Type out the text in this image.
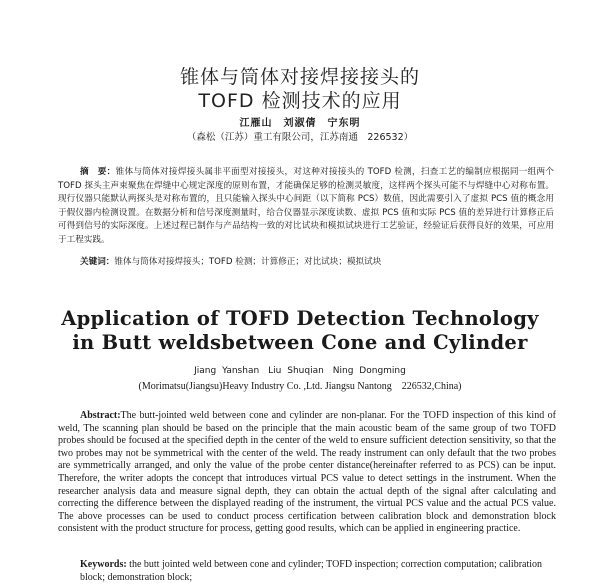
锥体与筒体对接焊接接头的
TOFD 检测技术的应用
江雁山　刘淑倩　宁东明
（森松（江苏）重工有限公司，江苏南通　226532）
摘　要：锥体与筒体对接焊接头属非平面型对接接头，对这种对接接头的 TOFD 检测，扫查工艺的编制应根据同一组两个 TOFD 探头主声束聚焦在焊缝中心规定深度的原则布置，才能确保足够的检测灵敏度，这样两个探头可能不与焊缝中心对称布置。现行仪器只能默认两探头是对称布置的，且只能输入探头中心间距（以下简称 PCS）数值，因此需要引入了虚拟 PCS 值的概念用于假仪器内检测设置。在数据分析和信号深度测量时，给合仪器显示深度读数、虚拟 PCS 值和实际 PCS 值的差异进行计算修正后可得到信号的实际深度。上述过程已制作与产品结构一致的对比试块和模拟试块进行工艺验证，经验证后获得良好的效果，可应用于工程实践。
关键词：锥体与筒体对接焊接头；TOFD 检测；计算修正；对比试块；模拟试块
Application of TOFD Detection Technology
in Butt weldsbetween Cone and Cylinder
Jiang Yanshan　Liu Shuqian　Ning Dongming
(Morimatsu(Jiangsu)Heavy Industry Co. ,Ltd. Jiangsu Nantong　226532,China)
Abstract:The butt-jointed weld between cone and cylinder are non-planar. For the TOFD inspection of this kind of weld, The scanning plan should be based on the principle that the main acoustic beam of the same group of two TOFD probes should be focused at the specified depth in the center of the weld to ensure sufficient detection sensitivity, so that the two probes may not be symmetrical with the center of the weld. The ready instrument can only default that the two probes are symmetrically arranged, and only the value of the probe center distance(hereinafter referred to as PCS) can be input. Therefore, the writer adopts the concept that introduces virtual PCS value to detect settings in the instrument. When the researcher analysis data and measure signal depth, they can obtain the actual depth of the signal after calculating and correcting the difference between the displayed reading of the instrument, the virtual PCS value and the actual PCS value. The above processes can be used to conduct process certification between calibration block and demonstration block consistent with the product structure for process, getting good results, which can be applied in engineering practice.
Keywords: the butt jointed weld between cone and cylinder; TOFD inspection; correction computation; calibration block; demonstration block;
